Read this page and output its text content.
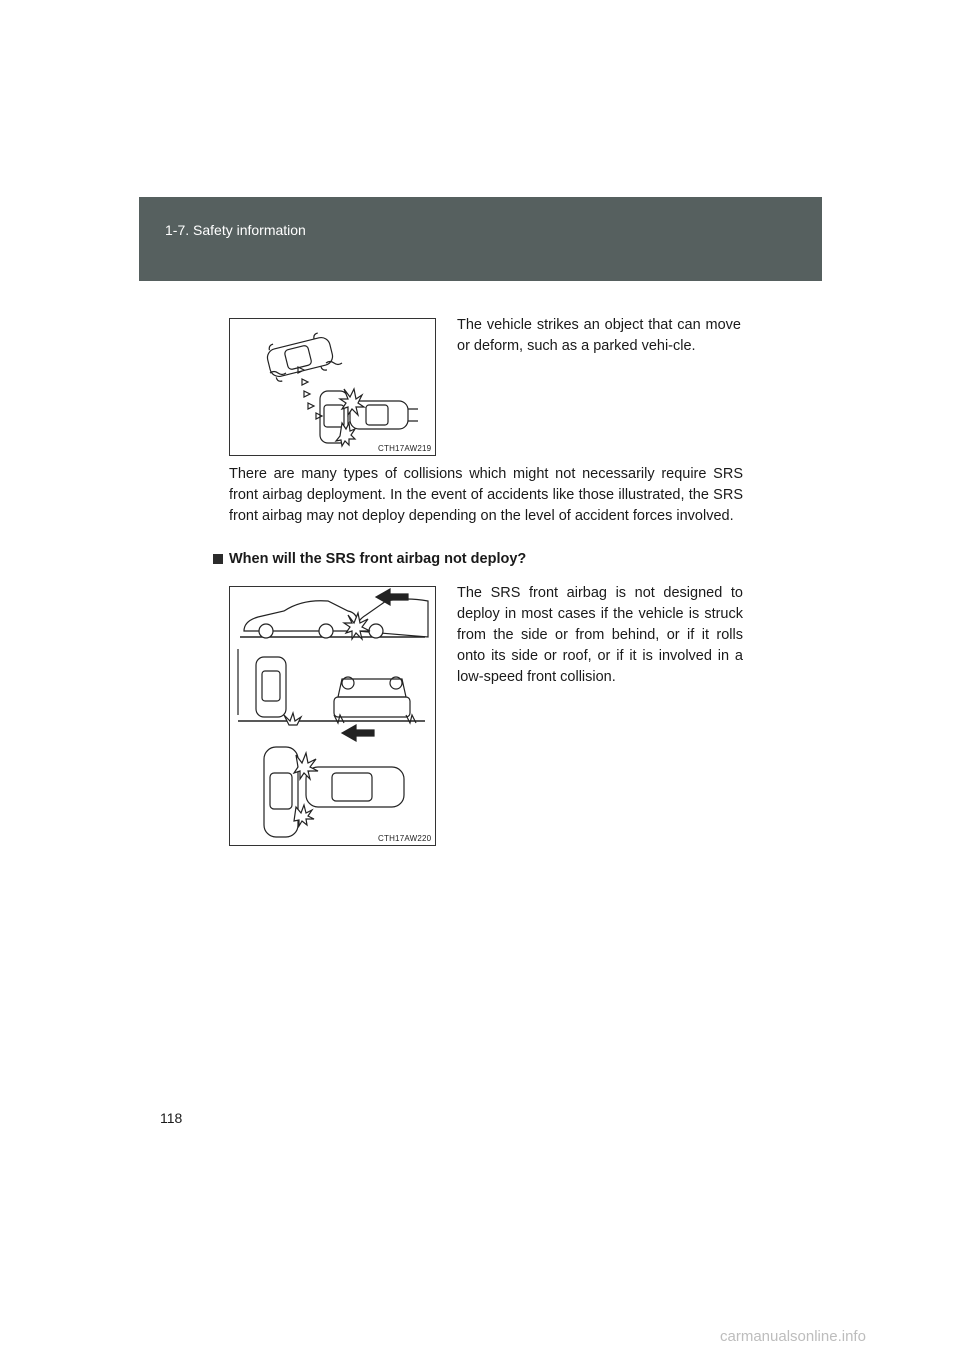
1-7. Safety information
CTH17AW219
The vehicle strikes an object that can move or deform, such as a parked vehi-cle.
There are many types of collisions which might not necessarily require SRS front airbag deployment. In the event of accidents like those illustrated, the SRS front airbag may not deploy depending on the level of accident forces involved.
When will the SRS front airbag not deploy?
CTH17AW220
The SRS front airbag is not designed to deploy in most cases if the vehicle is struck from the side or from behind, or if it rolls onto its side or roof, or if it is involved in a low-speed front collision.
118
carmanualsonline.info
